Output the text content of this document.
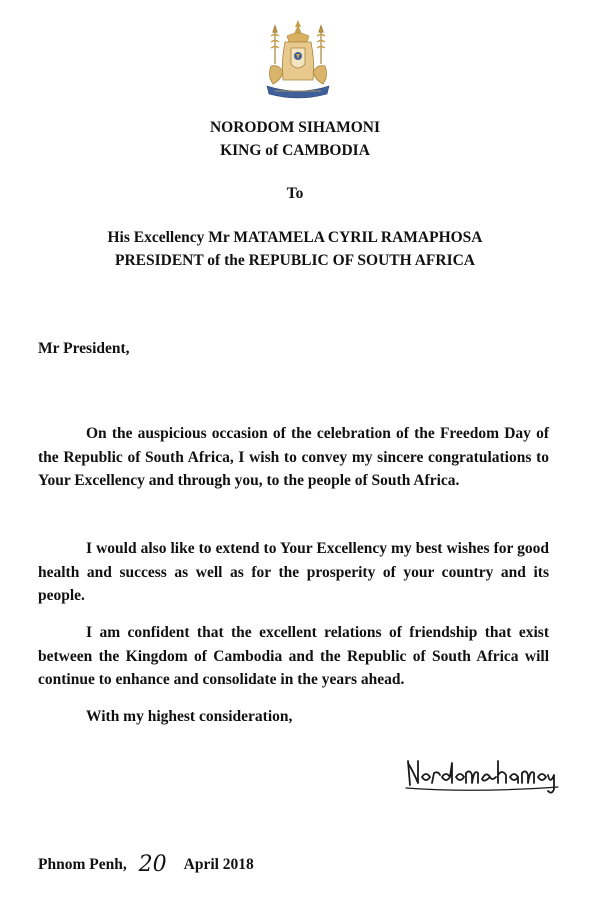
NORODOM SIHAMONI
KING of CAMBODIA
To
His Excellency Mr MATAMELA CYRIL RAMAPHOSA
PRESIDENT of the REPUBLIC OF SOUTH AFRICA
Mr President,
On the auspicious occasion of the celebration of the Freedom Day of the Republic of South Africa, I wish to convey my sincere congratulations to Your Excellency and through you, to the people of South Africa.
I would also like to extend to Your Excellency my best wishes for good health and success as well as for the prosperity of your country and its people.
I am confident that the excellent relations of friendship that exist between the Kingdom of Cambodia and the Republic of South Africa will continue to enhance and consolidate in the years ahead.
With my highest consideration,
Phnom Penh, 20 April 2018
